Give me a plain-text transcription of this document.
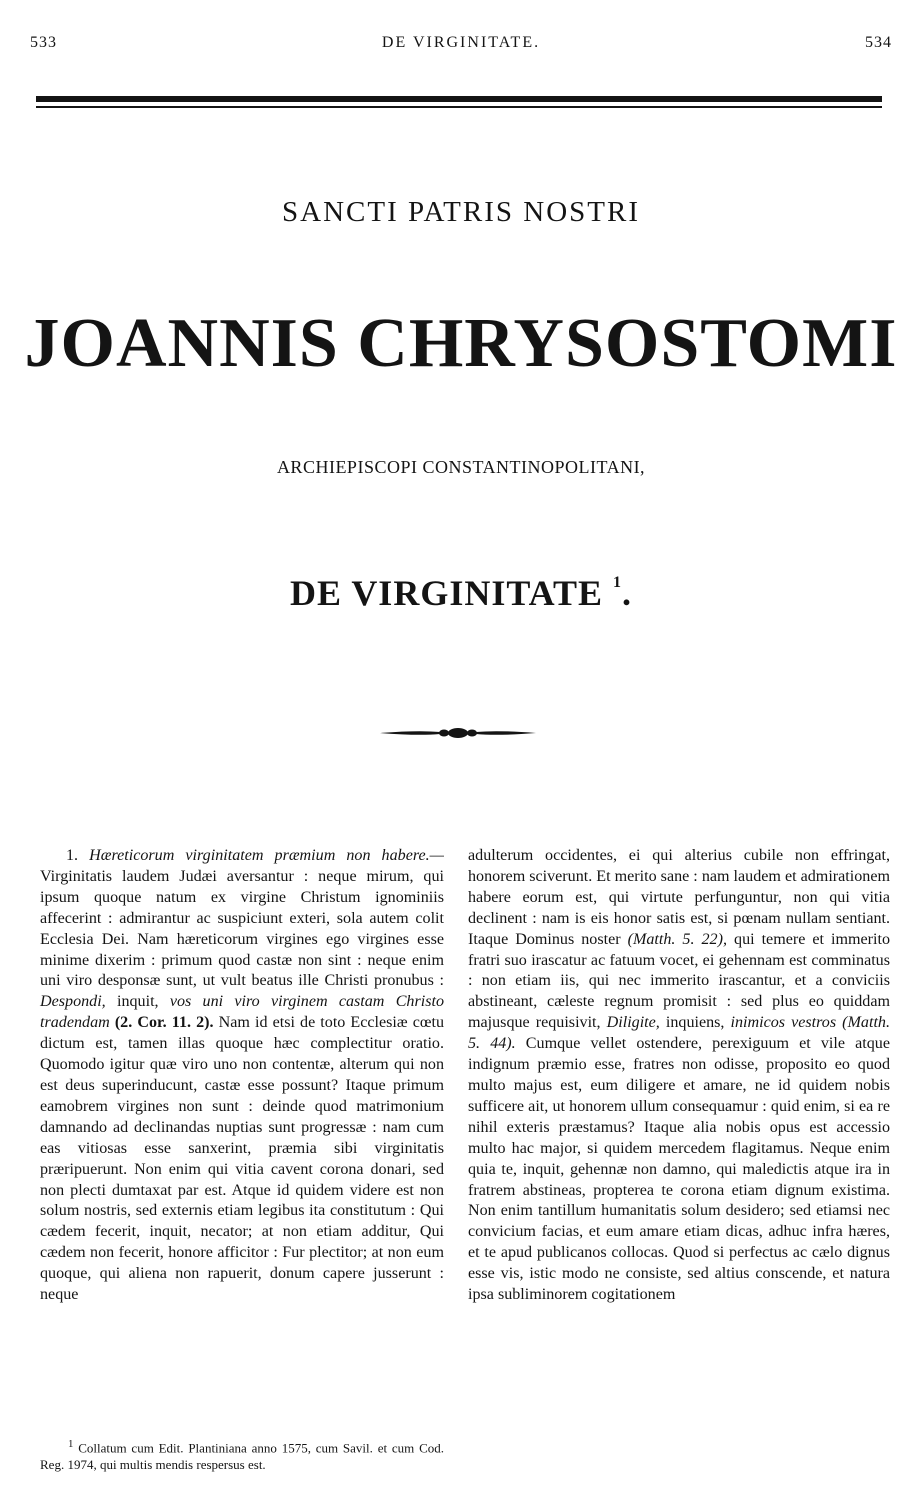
533	DE VIRGINITATE.	534
SANCTI PATRIS NOSTRI
JOANNIS CHRYSOSTOMI
ARCHIEPISCOPI CONSTANTINOPOLITANI,
DE VIRGINITATE $^1$.

1. Hæreticorum virginitatem præmium non habere.— Virginitatis laudem Judæi aversantur : neque mirum, qui ipsum quoque natum ex virgine Christum ignominiis affecerint : admirantur ac suspiciunt exteri, sola autem colit Ecclesia Dei. Nam hæreticorum virgines ego virgines esse minime dixerim : primum quod castæ non sint : neque enim uni viro desponsæ sunt, ut vult beatus ille Christi pronubus : Despondi, inquit, vos uni viro virginem castam Christo tradendam (2. Cor. 11. 2). Nam id etsi de toto Ecclesiæ cœtu dictum est, tamen illas quoque hæc complectitur oratio. Quomodo igitur quæ viro uno non contentæ, alterum qui non est deus superinducunt, castæ esse possunt? Itaque primum eamobrem virgines non sunt : deinde quod matrimonium damnando ad declinandas nuptias sunt progressæ : nam cum eas vitiosas esse sanxerint, præmia sibi virginitatis præripuerunt. Non enim qui vitia cavent corona donari, sed non plecti dumtaxat par est. Atque id quidem videre est non solum nostris, sed externis etiam legibus ita constitutum : Qui cædem fecerit, inquit, necator; at non etiam additur, Qui cædem non fecerit, honore afficitor : Fur plectitor; at non eum quoque, qui aliena non rapuerit, donum capere jusserunt : neque

adulterum occidentes, ei qui alterius cubile non effringat, honorem sciverunt. Et merito sane : nam laudem et admirationem habere eorum est, qui virtute perfunguntur, non qui vitia declinent : nam is eis honor satis est, si pœnam nullam sentiant. Itaque Dominus noster (Matth. 5. 22), qui temere et immerito fratri suo irascatur ac fatuum vocet, ei gehennam est comminatus : non etiam iis, qui nec immerito irascantur, et a conviciis abstineant, cæleste regnum promisit : sed plus eo quiddam majusque requisivit, Diligite, inquiens, inimicos vestros (Matth. 5. 44). Cumque vellet ostendere, perexiguum et vile atque indignum præmio esse, fratres non odisse, proposito eo quod multo majus est, eum diligere et amare, ne id quidem nobis sufficere ait, ut honorem ullum consequamur : quid enim, si ea re nihil exteris præstamus? Itaque alia nobis opus est accessio multo hac major, si quidem mercedem flagitamus. Neque enim quia te, inquit, gehennæ non damno, qui maledictis atque ira in fratrem abstineas, propterea te corona etiam dignum existima. Non enim tantillum humanitatis solum desidero; sed etiamsi nec convicium facias, et eum amare etiam dicas, adhuc infra hæres, et te apud publicanos collocas. Quod si perfectus ac cælo dignus esse vis, istic modo ne consiste, sed altius conscende, et natura ipsa subliminorem cogitationem

$^1$ Collatum cum Edit. Plantiniana anno 1575, cum Savil. et cum Cod. Reg. 1974, qui multis mendis respersus est.
